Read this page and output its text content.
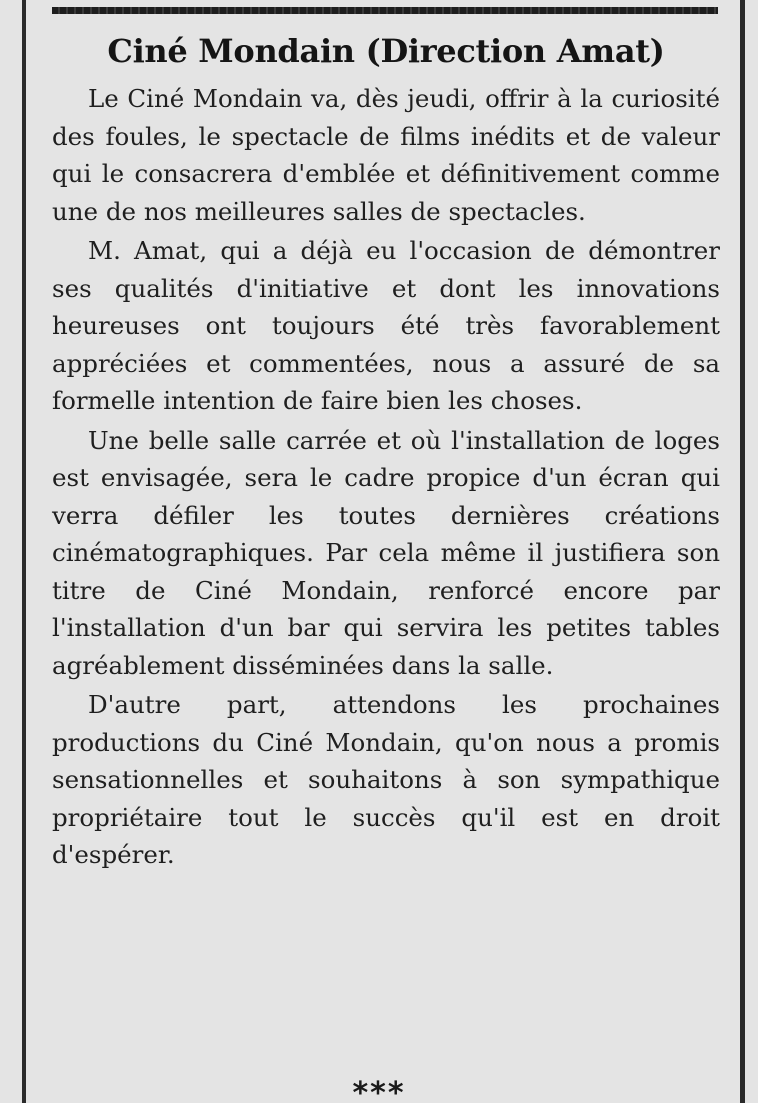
Ciné Mondain (Direction Amat)

Le Ciné Mondain va, dès jeudi, offrir à la curiosité des foules, le spectacle de films inédits et de valeur qui le consacrera d'emblée et définitivement comme une de nos meilleures salles de spectacles.

M. Amat, qui a déjà eu l'occasion de démontrer ses qualités d'initiative et dont les innovations heureuses ont toujours été très favorablement appréciées et commentées, nous a assuré de sa formelle intention de faire bien les choses.

Une belle salle carrée et où l'installation de loges est envisagée, sera le cadre propice d'un écran qui verra défiler les toutes dernières créations cinématographiques. Par cela même il justifiera son titre de Ciné Mondain, renforcé encore par l'installation d'un bar qui servira les petites tables agréablement disséminées dans la salle.

D'autre part, attendons les prochaines productions du Ciné Mondain, qu'on nous a promis sensationnelles et souhaitons à son sympathique propriétaire tout le succès qu'il est en droit d'espérer.

***
